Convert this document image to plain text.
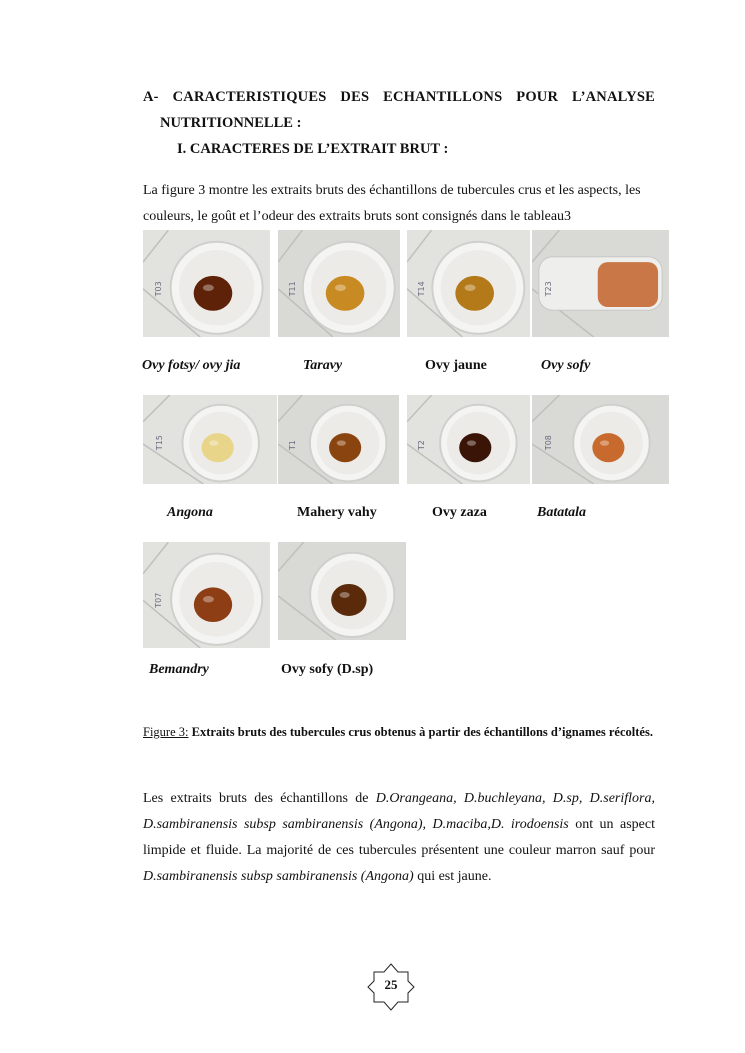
A- CARACTERISTIQUES DES ECHANTILLONS POUR L’ANALYSE
NUTRITIONNELLE :
I. CARACTERES DE L’EXTRAIT BRUT :
La figure 3 montre les extraits bruts des échantillons de tubercules crus et les aspects, les couleurs, le goût et l’odeur des extraits bruts sont consignés dans le tableau3
T03	T11	T14	T23
T15	T1	T2	T08
T07
Ovy fotsy/ ovy jia	Taravy	Ovy jaune	Ovy sofy
Angona	Mahery vahy	Ovy zaza	Batatala
Bemandry	Ovy sofy (D.sp)
Figure 3: Extraits bruts des tubercules crus obtenus à partir des échantillons d’ignames récoltés.
Les extraits bruts des échantillons de D.Orangeana, D.buchleyana, D.sp, D.seriflora, D.sambiranensis subsp sambiranensis (Angona), D.maciba,D. irodoensis ont un aspect limpide et fluide. La majorité de ces tubercules présentent une couleur marron sauf pour D.sambiranensis subsp sambiranensis (Angona) qui est jaune.
25
